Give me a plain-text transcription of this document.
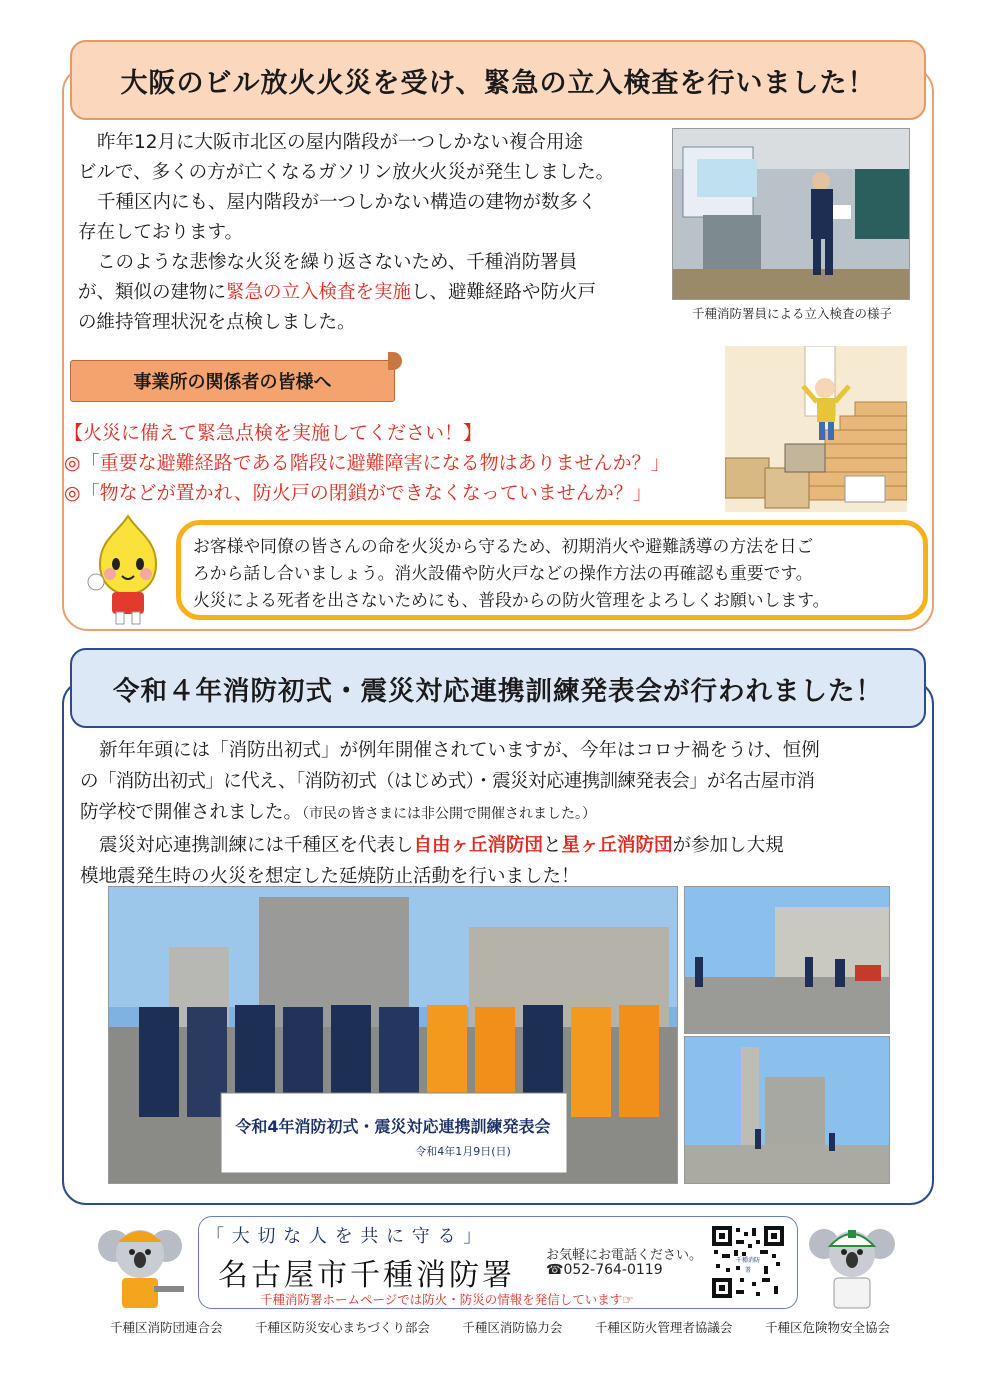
大阪のビル放火火災を受け、緊急の立入検査を行いました！
昨年12月に大阪市北区の屋内階段が一つしかない複合用途
ビルで、多くの方が亡くなるガソリン放火火災が発生しました。
千種区内にも、屋内階段が一つしかない構造の建物が数多く
存在しております。
このような悲惨な火災を繰り返さないため、千種消防署員
が、類似の建物に緊急の立入検査を実施し、避難経路や防火戸
の維持管理状況を点検しました。	千種消防署員による立入検査の様子
事業所の関係者の皆様へ
【火災に備えて緊急点検を実施してください！】
◎「重要な避難経路である階段に避難障害になる物はありませんか？」
◎「物などが置かれ、防火戸の閉鎖ができなくなっていませんか？」
お客様や同僚の皆さんの命を火災から守るため、初期消火や避難誘導の方法を日ご
ろから話し合いましょう。消火設備や防火戸などの操作方法の再確認も重要です。
火災による死者を出さないためにも、普段からの防火管理をよろしくお願いします。
令和４年消防初式・震災対応連携訓練発表会が行われました！
新年年頭には「消防出初式」が例年開催されていますが、今年はコロナ禍をうけ、恒例
の「消防出初式」に代え、「消防初式（はじめ式）・震災対応連携訓練発表会」が名古屋市消
防学校で開催されました。（市民の皆さまには非公開で開催されました。）
震災対応連携訓練には千種区を代表し自由ヶ丘消防団と星ヶ丘消防団が参加し大規
模地震発生時の火災を想定した延焼防止活動を行いました！
令和4年消防初式・震災対応連携訓練発表会
令和4年1月9日(日)
「 大 切 な 人 を 共 に 守 る 」
名古屋市千種消防署
お気軽にお電話ください。
☎052-764-0119
千種消防署ホームページでは防火・防災の情報を発信しています☞
千種消防署
千種区消防団連合会	千種区防災安心まちづくり部会	千種区消防協力会	千種区防火管理者協議会	千種区危険物安全協会
